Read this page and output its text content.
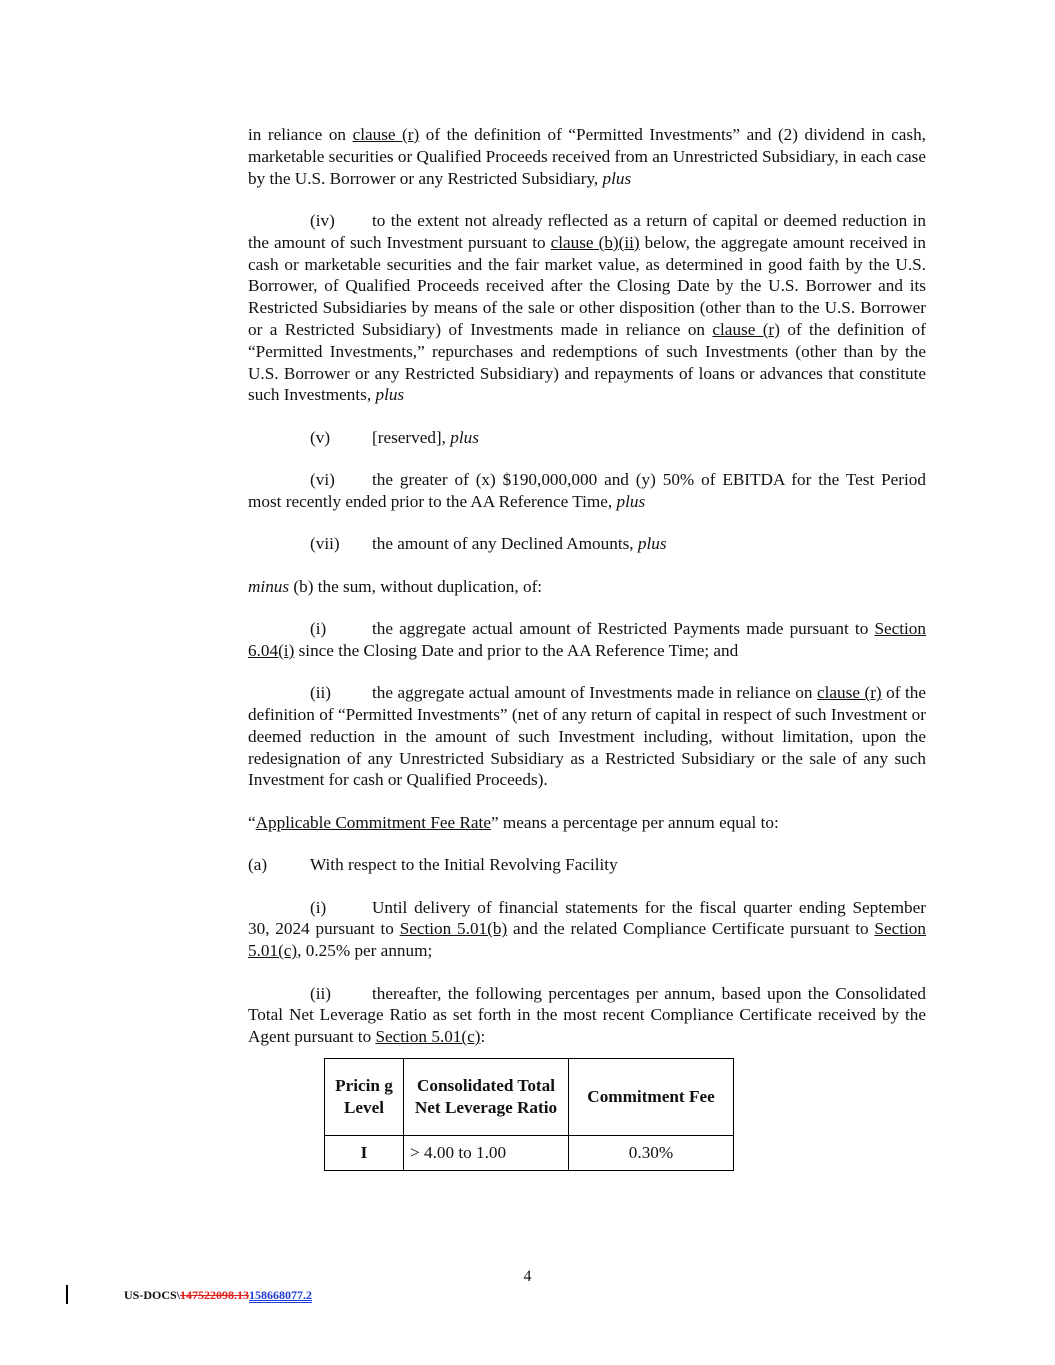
in reliance on clause (r) of the definition of “Permitted Investments” and (2) dividend in cash, marketable securities or Qualified Proceeds received from an Unrestricted Subsidiary, in each case by the U.S. Borrower or any Restricted Subsidiary, plus

(iv) to the extent not already reflected as a return of capital or deemed reduction in the amount of such Investment pursuant to clause (b)(ii) below, the aggregate amount received in cash or marketable securities and the fair market value, as determined in good faith by the U.S. Borrower, of Qualified Proceeds received after the Closing Date by the U.S. Borrower and its Restricted Subsidiaries by means of the sale or other disposition (other than to the U.S. Borrower or a Restricted Subsidiary) of Investments made in reliance on clause (r) of the definition of “Permitted Investments,” repurchases and redemptions of such Investments (other than by the U.S. Borrower or any Restricted Subsidiary) and repayments of loans or advances that constitute such Investments, plus

(v) [reserved], plus

(vi) the greater of (x) $190,000,000 and (y) 50% of EBITDA for the Test Period most recently ended prior to the AA Reference Time, plus

(vii) the amount of any Declined Amounts, plus

minus (b) the sum, without duplication, of:

(i)	the aggregate actual amount of Restricted Payments made pursuant to Section 6.04(i) since the Closing Date and prior to the AA Reference Time; and

(ii) the aggregate actual amount of Investments made in reliance on clause (r) of the definition of “Permitted Investments” (net of any return of capital in respect of such Investment or deemed reduction in the amount of such Investment including, without limitation, upon the redesignation of any Unrestricted Subsidiary as a Restricted Subsidiary or the sale of any such Investment for cash or Qualified Proceeds).

“Applicable Commitment Fee Rate” means a percentage per annum equal to:

(a) With respect to the Initial Revolving Facility

(i)	Until delivery of financial statements for the fiscal quarter ending September 30, 2024 pursuant to Section 5.01(b) and the related Compliance Certificate pursuant to Section 5.01(c), 0.25% per annum;

(ii) thereafter, the following percentages per annum, based upon the Consolidated Total Net Leverage Ratio as set forth in the most recent Compliance Certificate received by the Agent pursuant to Section 5.01(c):

Pricin g Level	Consolidated Total Net Leverage Ratio	Commitment Fee
I	> 4.00 to 1.00	0.30%
4
US-DOCS\147522098.13158668077.2
